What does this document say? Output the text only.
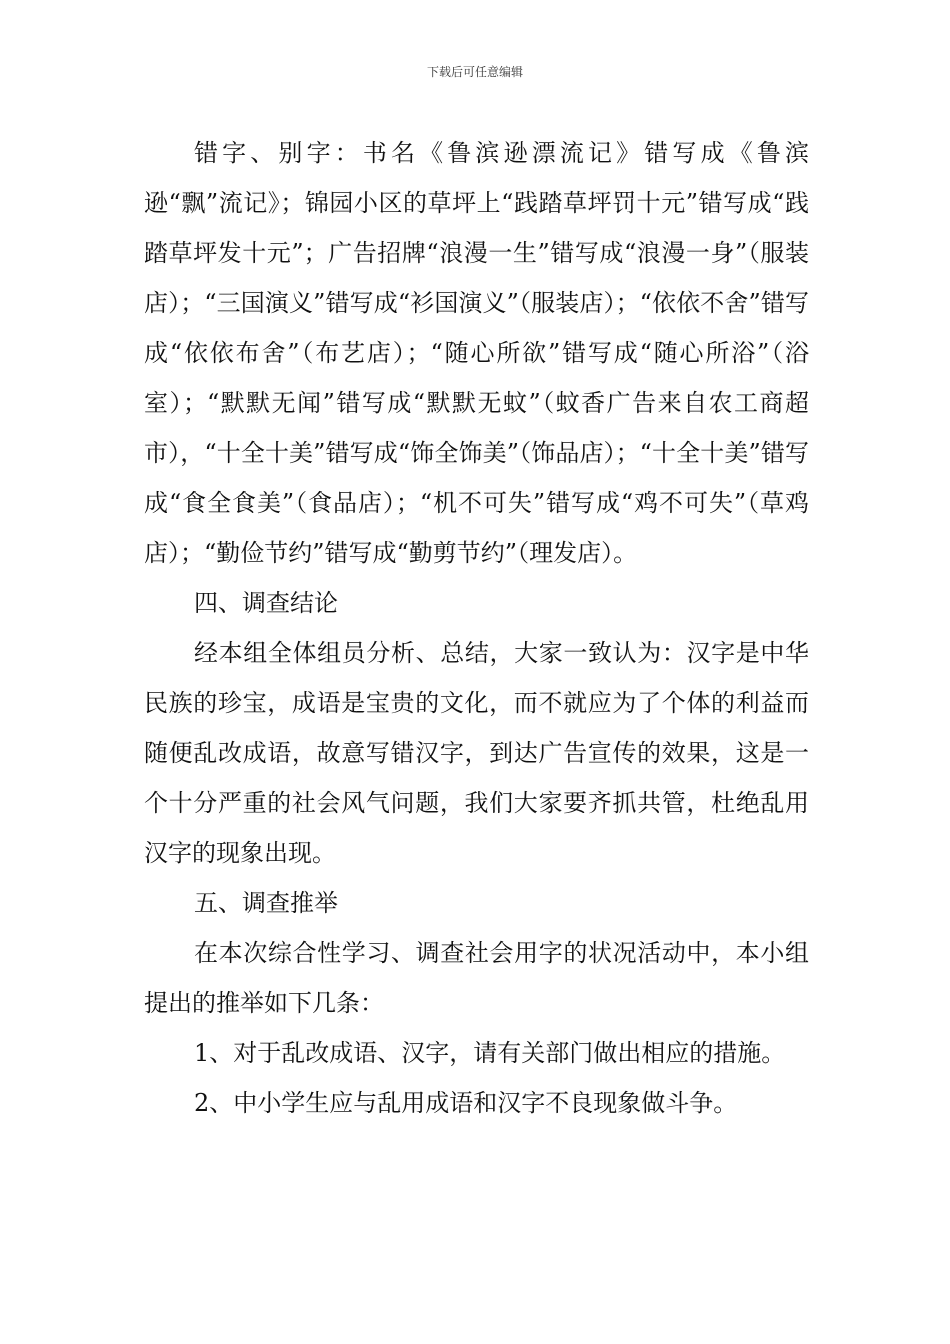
下载后可任意编辑

错字、别字：书名《鲁滨逊漂流记》错写成《鲁滨逊“飘”流记》；锦园小区的草坪上“践踏草坪罚十元”错写成“践踏草坪发十元”；广告招牌“浪漫一生”错写成“浪漫一身”（服装店）；“三国演义”错写成“衫国演义”（服装店）；“依依不舍”错写成“依依布舍”（布艺店）；“随心所欲”错写成“随心所浴”（浴室）；“默默无闻”错写成“默默无蚊”（蚊香广告来自农工商超市），“十全十美”错写成“饰全饰美”（饰品店）；“十全十美”错写成“食全食美”（食品店）；“机不可失”错写成“鸡不可失”（草鸡店）；“勤俭节约”错写成“勤剪节约”（理发店）。

四、调查结论

经本组全体组员分析、总结，大家一致认为：汉字是中华民族的珍宝，成语是宝贵的文化，而不就应为了个体的利益而随便乱改成语，故意写错汉字，到达广告宣传的效果，这是一个十分严重的社会风气问题，我们大家要齐抓共管，杜绝乱用汉字的现象出现。

五、调查推举

在本次综合性学习、调查社会用字的状况活动中，本小组提出的推举如下几条：

1、对于乱改成语、汉字，请有关部门做出相应的措施。

2、中小学生应与乱用成语和汉字不良现象做斗争。
